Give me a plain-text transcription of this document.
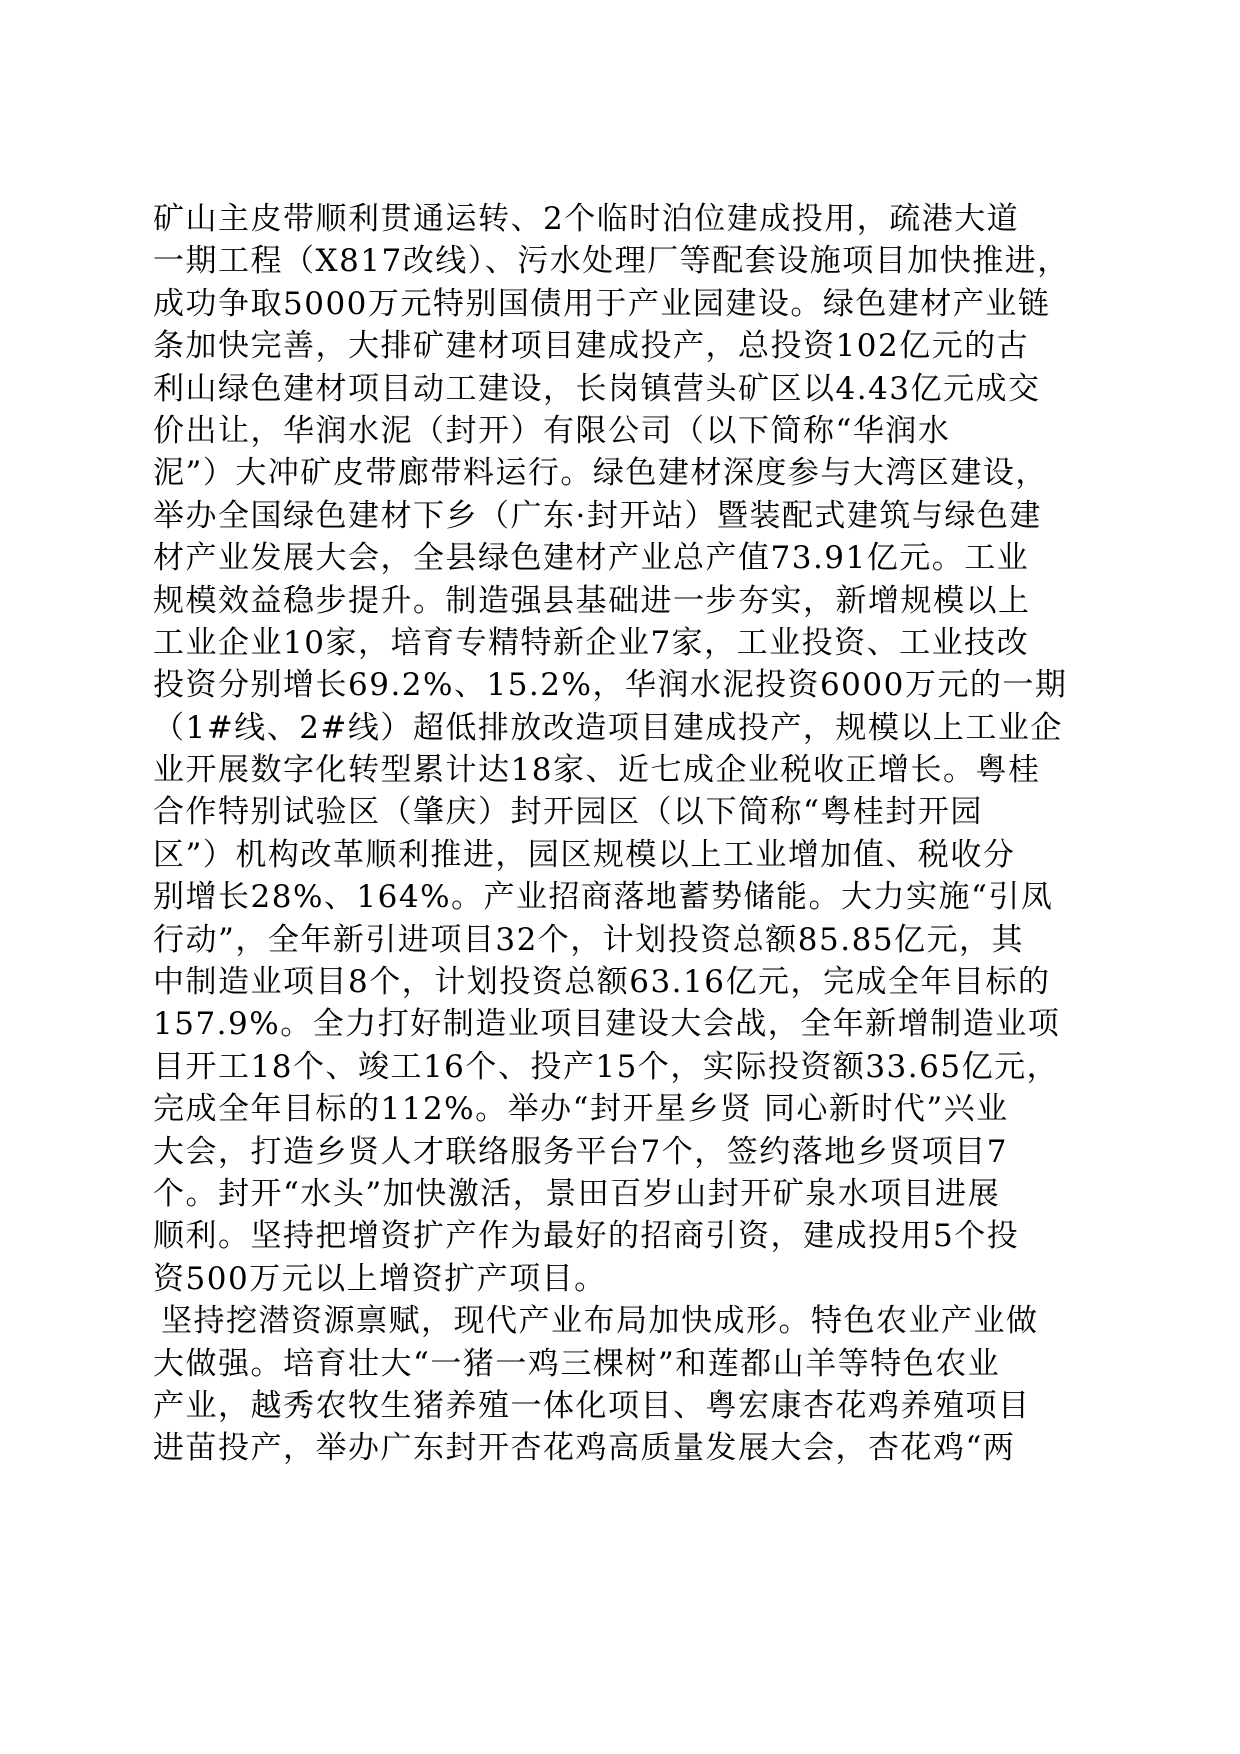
矿山主皮带顺利贯通运转、2个临时泊位建成投用，疏港大道
一期工程（X817改线）、污水处理厂等配套设施项目加快推进，
成功争取5000万元特别国债用于产业园建设。绿色建材产业链
条加快完善，大排矿建材项目建成投产，总投资102亿元的古
利山绿色建材项目动工建设，长岗镇营头矿区以4.43亿元成交
价出让，华润水泥（封开）有限公司（以下简称“华润水
泥”）大冲矿皮带廊带料运行。绿色建材深度参与大湾区建设，
举办全国绿色建材下乡（广东·封开站）暨装配式建筑与绿色建
材产业发展大会，全县绿色建材产业总产值73.91亿元。工业
规模效益稳步提升。制造强县基础进一步夯实，新增规模以上
工业企业10家，培育专精特新企业7家，工业投资、工业技改
投资分别增长69.2%、15.2%，华润水泥投资6000万元的一期
（1#线、2#线）超低排放改造项目建成投产，规模以上工业企
业开展数字化转型累计达18家、近七成企业税收正增长。粤桂
合作特别试验区（肇庆）封开园区（以下简称“粤桂封开园
区”）机构改革顺利推进，园区规模以上工业增加值、税收分
别增长28%、164%。产业招商落地蓄势储能。大力实施“引凤
行动”，全年新引进项目32个，计划投资总额85.85亿元，其
中制造业项目8个，计划投资总额63.16亿元，完成全年目标的
157.9%。全力打好制造业项目建设大会战，全年新增制造业项
目开工18个、竣工16个、投产15个，实际投资额33.65亿元，
完成全年目标的112%。举办“封开星乡贤 同心新时代”兴业
大会，打造乡贤人才联络服务平台7个，签约落地乡贤项目7
个。封开“水头”加快激活，景田百岁山封开矿泉水项目进展
顺利。坚持把增资扩产作为最好的招商引资，建成投用5个投
资500万元以上增资扩产项目。
坚持挖潜资源禀赋，现代产业布局加快成形。特色农业产业做
大做强。培育壮大“一猪一鸡三棵树”和莲都山羊等特色农业
产业，越秀农牧生猪养殖一体化项目、粤宏康杏花鸡养殖项目
进苗投产，举办广东封开杏花鸡高质量发展大会，杏花鸡“两
